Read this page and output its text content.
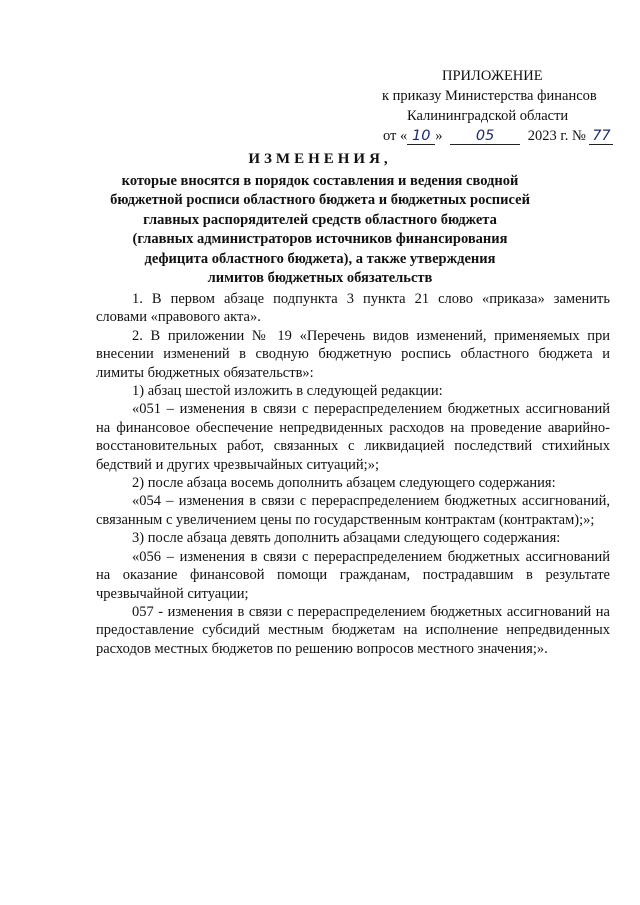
ПРИЛОЖЕНИЕ
к приказу Министерства финансов
Калининградской области
от « 10 » 05 2023 г. № 77
ИЗМЕНЕНИЯ,
которые вносятся в порядок составления и ведения сводной
бюджетной росписи областного бюджета и бюджетных росписей
главных распорядителей средств областного бюджета
(главных администраторов источников финансирования
дефицита областного бюджета), а также утверждения
лимитов бюджетных обязательств

1. В первом абзаце подпункта 3 пункта 21 слово «приказа» заменить словами «правового акта».

2. В приложении № 19 «Перечень видов изменений, применяемых при внесении изменений в сводную бюджетную роспись областного бюджета и лимиты бюджетных обязательств»:

1) абзац шестой изложить в следующей редакции:

«051 – изменения в связи с перераспределением бюджетных ассигнований на финансовое обеспечение непредвиденных расходов на проведение аварийно-восстановительных работ, связанных с ликвидацией последствий стихийных бедствий и других чрезвычайных ситуаций;»;

2) после абзаца восемь дополнить абзацем следующего содержания:

«054 – изменения в связи с перераспределением бюджетных ассигнований, связанным с увеличением цены по государственным контрактам (контрактам);»;

3) после абзаца девять дополнить абзацами следующего содержания:

«056 – изменения в связи с перераспределением бюджетных ассигнований на оказание финансовой помощи гражданам, пострадавшим в результате чрезвычайной ситуации;

057 - изменения в связи с перераспределением бюджетных ассигнований на предоставление субсидий местным бюджетам на исполнение непредвиденных расходов местных бюджетов по решению вопросов местного значения;».
